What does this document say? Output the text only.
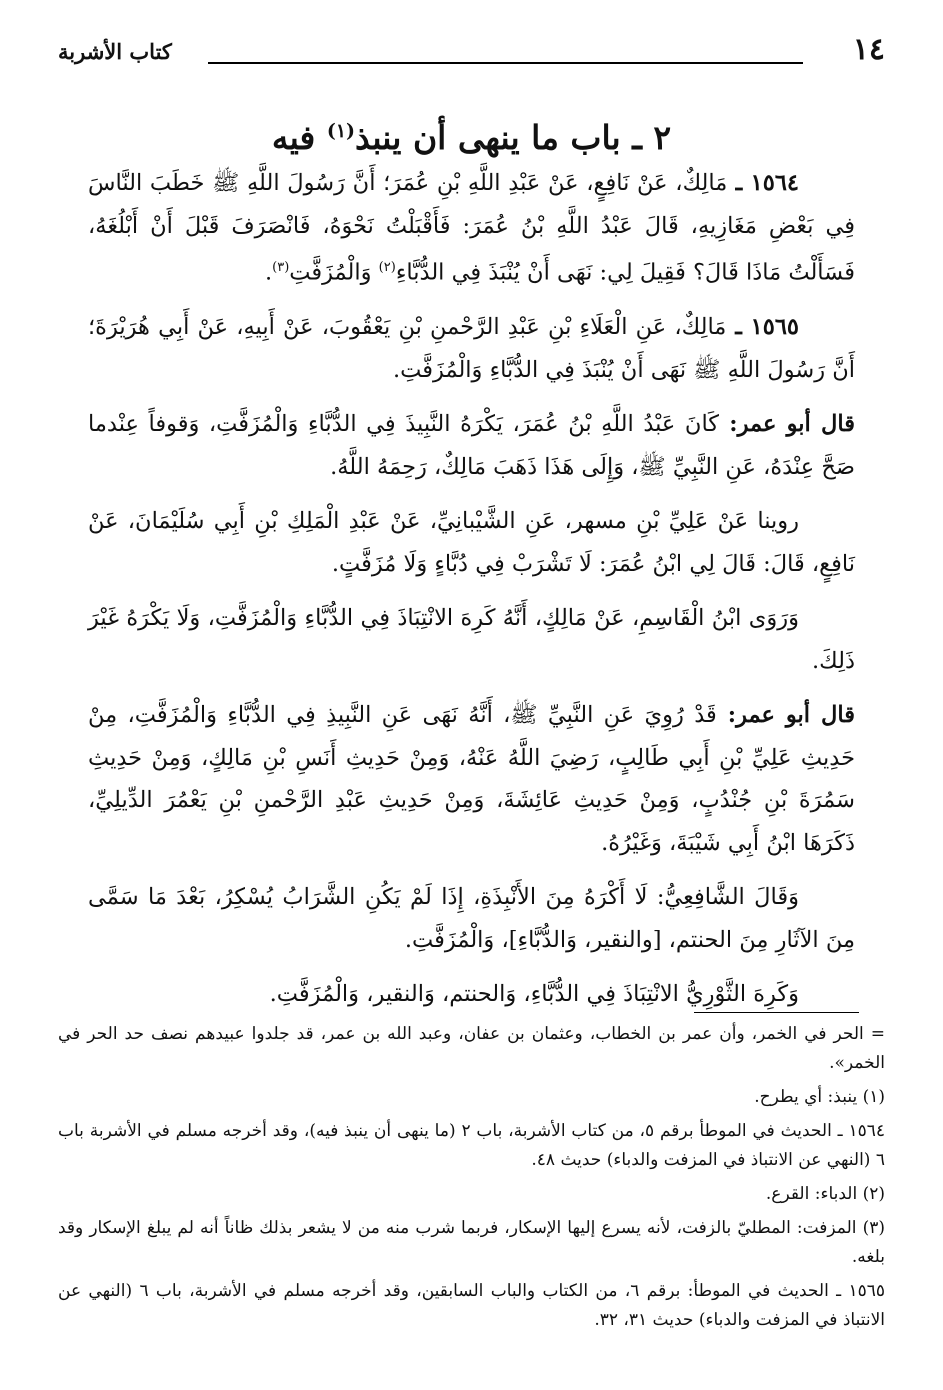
١٤
كتاب الأشربة
٢ ـ باب ما ينهى أن ينبذ$^{(١)}$ فيه

١٥٦٤ ـ مَالِكٌ، عَنْ نَافِعٍ، عَنْ عَبْدِ اللَّهِ بْنِ عُمَرَ؛ أَنَّ رَسُولَ اللَّهِ ﷺ خَطَبَ النَّاسَ فِي بَعْضِ مَغَازِيهِ، قَالَ عَبْدُ اللَّهِ بْنُ عُمَرَ: فَأَقْبَلْتُ نَحْوَهُ، فَانْصَرَفَ قَبْلَ أَنْ أَبْلُغَهُ، فَسَأَلْتُ مَاذَا قَالَ؟ فَقِيلَ لِي: نَهَى أَنْ يُنْبَذَ فِي الدُّبَّاءِ$^{(٢)}$ وَالْمُزَفَّتِ$^{(٣)}$.

١٥٦٥ ـ مَالِكٌ، عَنِ الْعَلَاءِ بْنِ عَبْدِ الرَّحْمنِ بْنِ يَعْقُوبَ، عَنْ أَبِيهِ، عَنْ أَبِي هُرَيْرَةَ؛ أَنَّ رَسُولَ اللَّهِ ﷺ نَهَى أَنْ يُنْبَذَ فِي الدُّبَّاءِ وَالْمُزَفَّتِ.

قال أبو عمر: كَانَ عَبْدُ اللَّهِ بْنُ عُمَرَ، يَكْرَهُ النَّبِيذَ فِي الدُّبَّاءِ وَالْمُزَفَّتِ، وَقوفاً عِنْدما صَحَّ عِنْدَهُ، عَنِ النَّبِيِّ ﷺ، وَإِلَى هَذَا ذَهَبَ مَالِكٌ، رَحِمَهُ اللَّهُ.

روينا عَنْ عَلِيِّ بْنِ مسهر، عَنِ الشَّيْبانِيِّ، عَنْ عَبْدِ الْمَلِكِ بْنِ أَبِي سُلَيْمَانَ، عَنْ نَافِعٍ، قَالَ: قَالَ لِي ابْنُ عُمَرَ: لَا تَشْرَبْ فِي دُبَّاءٍ وَلَا مُزَفَّتٍ.

وَرَوَى ابْنُ الْقَاسِمِ، عَنْ مَالِكٍ، أَنَّهُ كَرِهَ الانْتِبَاذَ فِي الدُّبَّاءِ وَالْمُزَفَّتِ، وَلَا يَكْرَهُ غَيْرَ ذَلِكَ.

قال أبو عمر: قَدْ رُوِيَ عَنِ النَّبِيِّ ﷺ، أَنَّهُ نَهَى عَنِ النَّبِيذِ فِي الدُّبَّاءِ وَالْمُزَفَّتِ، مِنْ حَدِيثِ عَلِيِّ بْنِ أَبِي طَالِبٍ، رَضِيَ اللَّهُ عَنْهُ، وَمِنْ حَدِيثِ أَنَسِ بْنِ مَالِكٍ، وَمِنْ حَدِيثِ سَمُرَةَ بْنِ جُنْدُبٍ، وَمِنْ حَدِيثِ عَائِشَةَ، وَمِنْ حَدِيثِ عَبْدِ الرَّحْمنِ بْنِ يَعْمُرَ الدِّيلِيِّ، ذَكَرَهَا ابْنُ أَبِي شَيْبَةَ، وَغَيْرُهُ.

وَقَالَ الشَّافِعِيُّ: لَا أَكْرَهُ مِنَ الأَنْبِذَةِ، إِذَا لَمْ يَكُنِ الشَّرَابُ يُسْكِرُ، بَعْدَ مَا سَمَّى مِنَ الآثَارِ مِنَ الحنتم، [والنقير، وَالدُّبَّاءِ]، وَالْمُزَفَّتِ.

وَكَرِهَ الثَّوْرِيُّ الانْتِبَاذَ فِي الدُّبَّاءِ، وَالحنتم، وَالنقير، وَالْمُزَفَّتِ.

= الحر في الخمر، وأن عمر بن الخطاب، وعثمان بن عفان، وعبد الله بن عمر، قد جلدوا عبيدهم نصف حد الحر في الخمر».

(١) ينبذ: أي يطرح.

١٥٦٤ ـ الحديث في الموطأ برقم ٥، من كتاب الأشربة، باب ٢ (ما ينهى أن ينبذ فيه)، وقد أخرجه مسلم في الأشربة باب ٦ (النهي عن الانتباذ في المزفت والدباء) حديث ٤٨.

(٢) الدباء: القرع.

(٣) المزفت: المطليّ بالزفت، لأنه يسرع إليها الإسكار، فربما شرب منه من لا يشعر بذلك ظاناً أنه لم يبلغ الإسكار وقد بلغه.

١٥٦٥ ـ الحديث في الموطأ: برقم ٦، من الكتاب والباب السابقين، وقد أخرجه مسلم في الأشربة، باب ٦ (النهي عن الانتباذ في المزفت والدباء) حديث ٣١، ٣٢.
